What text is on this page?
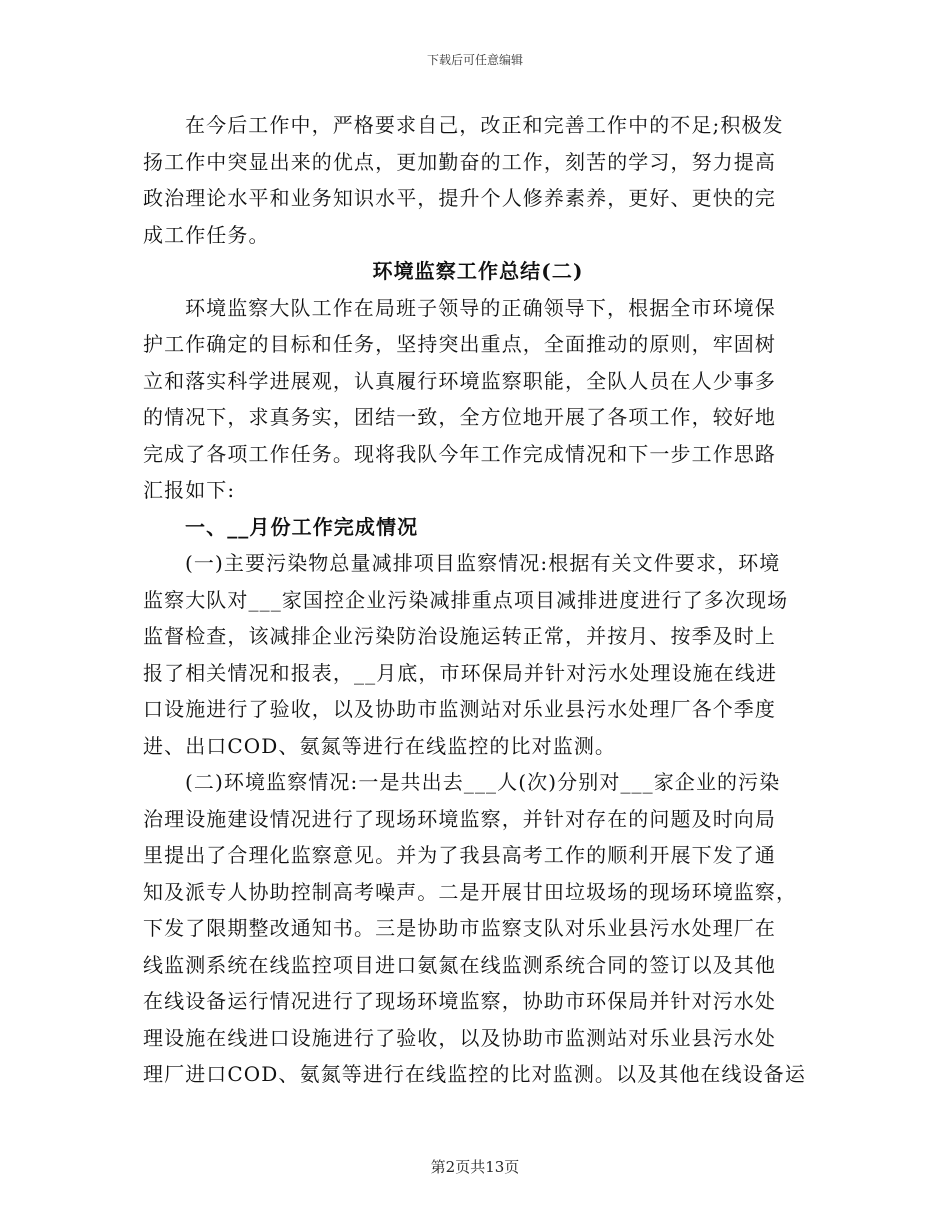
下载后可任意编辑
在今后工作中，严格要求自己，改正和完善工作中的不足;积极发
扬工作中突显出来的优点，更加勤奋的工作，刻苦的学习，努力提高
政治理论水平和业务知识水平，提升个人修养素养，更好、更快的完
成工作任务。
环境监察工作总结(二)
环境监察大队工作在局班子领导的正确领导下，根据全市环境保
护工作确定的目标和任务，坚持突出重点，全面推动的原则，牢固树
立和落实科学进展观，认真履行环境监察职能，全队人员在人少事多
的情况下，求真务实，团结一致，全方位地开展了各项工作，较好地
完成了各项工作任务。现将我队今年工作完成情况和下一步工作思路
汇报如下:
一、__月份工作完成情况
(一)主要污染物总量减排项目监察情况:根据有关文件要求，环境
监察大队对___家国控企业污染减排重点项目减排进度进行了多次现场
监督检查，该减排企业污染防治设施运转正常，并按月、按季及时上
报了相关情况和报表，__月底，市环保局并针对污水处理设施在线进
口设施进行了验收，以及协助市监测站对乐业县污水处理厂各个季度
进、出口COD、氨氮等进行在线监控的比对监测。
(二)环境监察情况:一是共出去___人(次)分别对___家企业的污染
治理设施建设情况进行了现场环境监察，并针对存在的问题及时向局
里提出了合理化监察意见。并为了我县高考工作的顺利开展下发了通
知及派专人协助控制高考噪声。二是开展甘田垃圾场的现场环境监察，
下发了限期整改通知书。三是协助市监察支队对乐业县污水处理厂在
线监测系统在线监控项目进口氨氮在线监测系统合同的签订以及其他
在线设备运行情况进行了现场环境监察，协助市环保局并针对污水处
理设施在线进口设施进行了验收，以及协助市监测站对乐业县污水处
理厂进口COD、氨氮等进行在线监控的比对监测。以及其他在线设备运
第2页共13页
